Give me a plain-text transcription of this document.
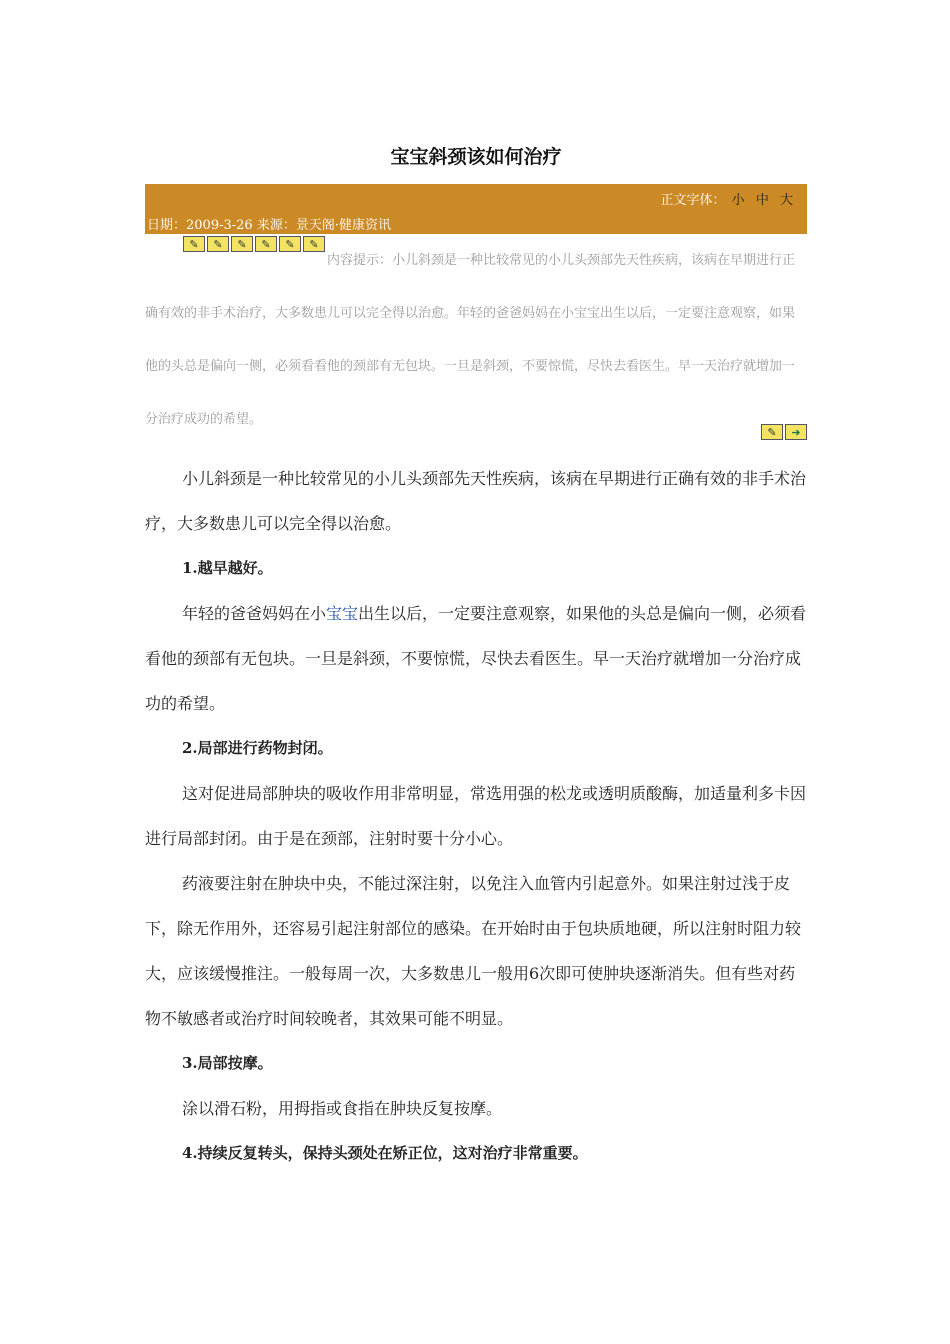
宝宝斜颈该如何治疗
正文字体： 小 中 大
日期：2009-3-26 来源：景天阁·健康资讯
内容提示：小儿斜颈是一种比较常见的小儿头颈部先天性疾病，该病在早期进行正确有效的非手术治疗，大多数患儿可以完全得以治愈。年轻的爸爸妈妈在小宝宝出生以后，一定要注意观察，如果他的头总是偏向一侧，必须看看他的颈部有无包块。一旦是斜颈，不要惊慌，尽快去看医生。早一天治疗就增加一分治疗成功的希望。
✎	✎	✎	✎	✎	✎
✎	➜

小儿斜颈是一种比较常见的小儿头颈部先天性疾病，该病在早期进行正确有效的非手术治疗，大多数患儿可以完全得以治愈。

1.越早越好。

年轻的爸爸妈妈在小宝宝出生以后，一定要注意观察，如果他的头总是偏向一侧，必须看看他的颈部有无包块。一旦是斜颈，不要惊慌，尽快去看医生。早一天治疗就增加一分治疗成功的希望。

2.局部进行药物封闭。

这对促进局部肿块的吸收作用非常明显，常选用强的松龙或透明质酸酶，加适量利多卡因进行局部封闭。由于是在颈部，注射时要十分小心。

药液要注射在肿块中央，不能过深注射，以免注入血管内引起意外。如果注射过浅于皮下，除无作用外，还容易引起注射部位的感染。在开始时由于包块质地硬，所以注射时阻力较大，应该缓慢推注。一般每周一次，大多数患儿一般用6次即可使肿块逐渐消失。但有些对药物不敏感者或治疗时间较晚者，其效果可能不明显。

3.局部按摩。

涂以滑石粉，用拇指或食指在肿块反复按摩。

4.持续反复转头，保持头颈处在矫正位，这对治疗非常重要。
